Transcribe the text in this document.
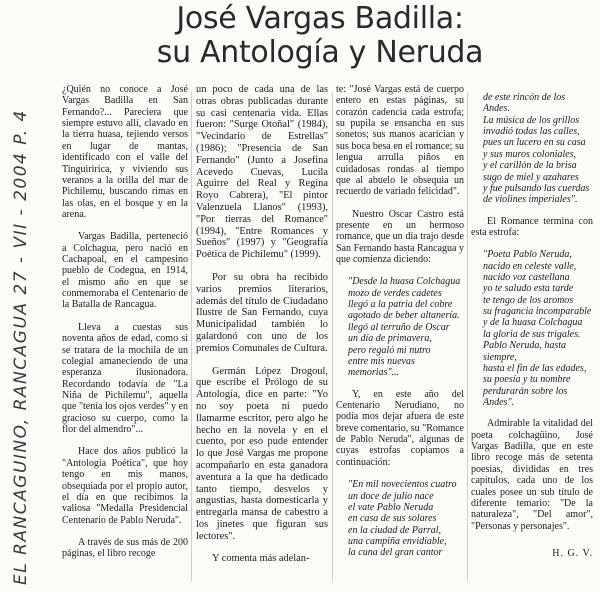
EL RANCAGUINO, RANCAGUA 27 - VII - 2004 P. 4
José Vargas Badilla:
su Antología y Neruda

¿Quién no conoce a José Vargas Badilla en San Fernando?... Pareciera que siempre estuvo allí, clavado en la tierra huasa, tejiendo versos en lugar de mantas, identificado con el valle del Tinguiririca, y viviendo sus veranos a la orilla del mar de Pichilemu, buscando rimas en las olas, en el bosque y en la arena.

Vargas Badilla, perteneció a Colchagua, pero nació en Cachapoal, en el campesino pueblo de Codegua, en 1914, el mismo año en que se conmemoraba el Centenario de la Batalla de Rancagua.

Lleva a cuestas sus noventa años de edad, como si se tratara de la mochila de un colegial amaneciendo de una esperanza ilusionadora. Recordando todavía de "La Niña de Pichilemu", aquella que "tenía los ojos verdes" y en gracioso su cuerpo, como la flor del almendro"...

Hace dos años publicó la "Antología Poética", que hoy tengo en mis manos, obsequiada por el propio autor, el día en que recibimos la valiosa "Medalla Presidencial Centenario de Pablo Neruda".

A través de sus más de 200 páginas, el libro recoge

un poco de cada una de las otras obras publicadas durante su casi centenaria vida. Ellas fueron: "Surge Otoñal" (1984), "Vecindario de Estrellas" (1986); "Presencia de San Fernando" (Junto a Josefina Acevedo Cuevas, Lucila Aguirre del Real y Regina Royo Cabrera), "El pintor Valenzuela Llanos" (1993), "Por tierras del Romance" (1994), "Entre Romances y Sueños" (1997) y "Geografía Poética de Pichilemu" (1999).

Por su obra ha recibido varios premios literarios, además del título de Ciudadano Ilustre de San Fernando, cuya Municipalidad también lo galardonó con uno de los premios Comunales de Cultura.

Germán López Drogoul, que escribe el Prólogo de su Antología, dice en parte: "Yo no soy poeta ni puedo llamarme escritor, pero algo he hecho en la novela y en el cuento, por eso pude entender lo que José Vargas me propone acompañarlo en esta ganadora aventura a la que ha dedicado tanto tiempo, desvelos y angustias, hasta domesticarla y entregarla mansa de cabestro a los jinetes que figuran sus lectores".

Y comenta más adelan-

te: "José Vargas está de cuerpo entero en estas páginas, su corazón cadencia cada estrofa; su pupila se ensancha en sus sonetos; sus manos acarician y sus boca besa en el romance; su lengua arrulla piños en cuidadosas rondas al tiempo que al abuelo le obsequia un recuerdo de variado felicidad".

Nuestro Oscar Castro está presente en un hermoso romance, que un día trajo desde San Fernando hasta Rancagua y que comienza diciendo:

"Desde la huasa Colchagua
mozo de verdes cadetes
llegó a la patria del cobre
agotado de beber altanería.
llegó al terruño de Oscar
un día de primavera,
pero regaló mi nutro
entre mis nuevas memorias"...

Y, en este año del Centenario Nerudiano, no podía mos dejar afuera de este breve comentario, su "Romance de Pablo Neruda", algunas de cuyas estrofas copiamos a continuación:

"En mil novecientos cuatro
un doce de julio nace
el vate Pablo Neruda
en casa de sus solares
en la ciudad de Parral,
una campiña envidiable,
la cuna del gran cantor
de este rincón de los Andes.
La música de los grillos
invadió todas las calles,
pues un lucero en su casa
y sus muros coloniales,
y el carillón de la brisa
sugo de miel y azahares
y fue pulsando las cuerdas
de violines imperiales".

El Romance termina con esta estrofa:

"Poeta Pablo Neruda,
nacido en celeste valle,
nacido voz castellana
yo te saludo esta tarde
te tengo de los aromos
su fragancia incomparable
y de la huasa Colchagua
la gloria de sus trigales.
Pablo Neruda, hasta siempre,
hasta el fin de las edades,
su poesía y tu nombre
perdurarán sobre los Andes".

Admirable la vitalidad del poeta colchagüino, José Vargas Badilla, que en este libro recoge más de setenta poesías, divididas en tres capítulos, cada uno de los cuales posee un sub título de diferente temario: "De la naturaleza", "Del amor", "Personas y personajes".

H. G. V.
